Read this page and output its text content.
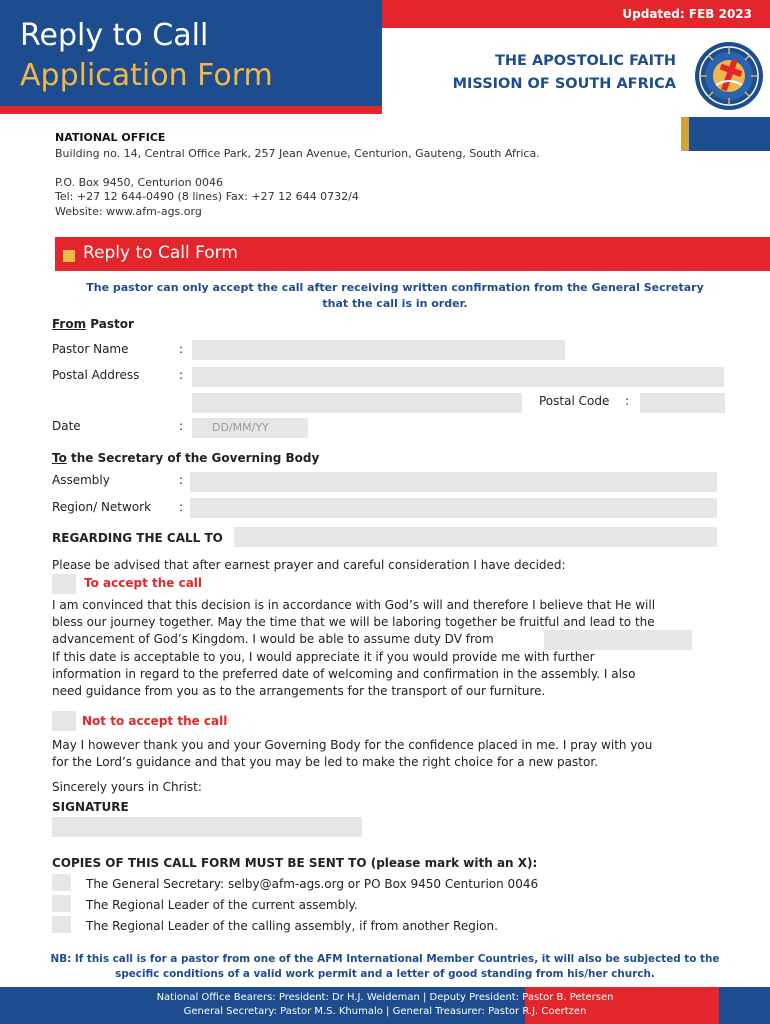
Updated: FEB 2023
Reply to Call
Application Form	THE APOSTOLIC FAITH
MISSION OF SOUTH AFRICA
NATIONAL OFFICE
Building no. 14, Central Office Park, 257 Jean Avenue, Centurion, Gauteng, South Africa.
P.O. Box 9450, Centurion 0046
Tel: +27 12 644-0490 (8 lines) Fax: +27 12 644 0732/4
Website: www.afm-ags.org
Reply to Call Form
The pastor can only accept the call after receiving written confirmation from the General Secretary
that the call is in order.
From Pastor
Pastor Name	:
Postal Address	:
Postal Code :
Date	:	DD/MM/YY
To the Secretary of the Governing Body
Assembly	:
Region/ Network :
REGARDING THE CALL TO
Please be advised that after earnest prayer and careful consideration I have decided:
To accept the call
I am convinced that this decision is in accordance with God’s will and therefore I believe that He will
bless our journey together. May the time that we will be laboring together be fruitful and lead to the
advancement of God’s Kingdom. I would be able to assume duty DV from
If this date is acceptable to you, I would appreciate it if you would provide me with further
information in regard to the preferred date of welcoming and confirmation in the assembly. I also
need guidance from you as to the arrangements for the transport of our furniture.
Not to accept the call
May I however thank you and your Governing Body for the confidence placed in me. I pray with you
for the Lord’s guidance and that you may be led to make the right choice for a new pastor.
Sincerely yours in Christ:
SIGNATURE
COPIES OF THIS CALL FORM MUST BE SENT TO (please mark with an X):
The General Secretary: selby@afm-ags.org or PO Box 9450 Centurion 0046
The Regional Leader of the current assembly.
The Regional Leader of the calling assembly, if from another Region.
NB: If this call is for a pastor from one of the AFM International Member Countries, it will also be subjected to the
specific conditions of a valid work permit and a letter of good standing from his/her church.
National Office Bearers: President: Dr H.J. Weideman | Deputy President: Pastor B. Petersen
General Secretary: Pastor M.S. Khumalo | General Treasurer: Pastor R.J. Coertzen
